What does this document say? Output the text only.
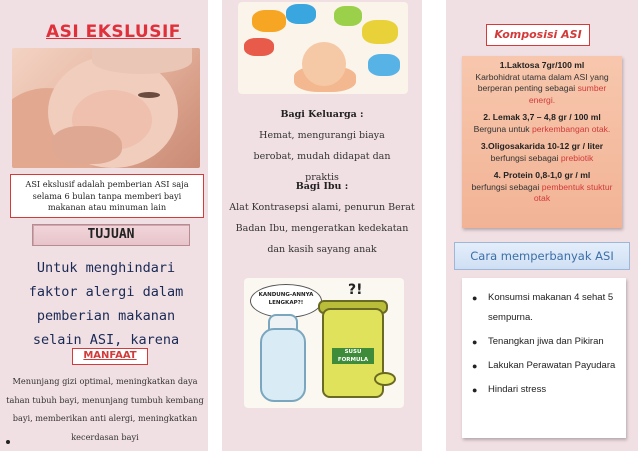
ASI EKSLUSIF
ASI ekslusif adalah pemberian ASI saja selama 6 bulan tanpa memberi bayi makanan atau minuman lain
TUJUAN
Untuk menghindari faktor alergi dalam pemberian makanan selain ASI, karena
MANFAAT
Menunjang gizi optimal, meningkatkan daya tahan tubuh bayi, menunjang tumbuh kembang bayi, memberikan anti alergi, meningkatkan kecerdasan bayi
Bagi Keluarga :
Hemat, mengurangi biaya berobat, mudah didapat dan praktis
Bagi Ibu :
Alat Kontrasepsi alami, penurun Berat Badan Ibu, mengeratkan kedekatan dan kasih sayang anak
KANDUNG-ANNYA LENGKAP?!
?!
SUSU FORMULA
Komposisi ASI
1.Laktosa 7gr/100 ml
Karbohidrat utama dalam ASI yang berperan penting sebagai sumber energi.
2. Lemak 3,7 – 4,8 gr / 100 ml
Berguna untuk perkembangan otak.
3.Oligosakarida 10-12 gr / liter
berfungsi sebagai prebiotik
4. Protein 0,8-1,0 gr / ml
berfungsi sebagai pembentuk stuktur otak
Cara memperbanyak ASI
●	Konsumsi makanan 4 sehat 5 sempurna.
●	Tenangkan jiwa dan Pikiran
●	Lakukan Perawatan Payudara
●	Hindari stress
